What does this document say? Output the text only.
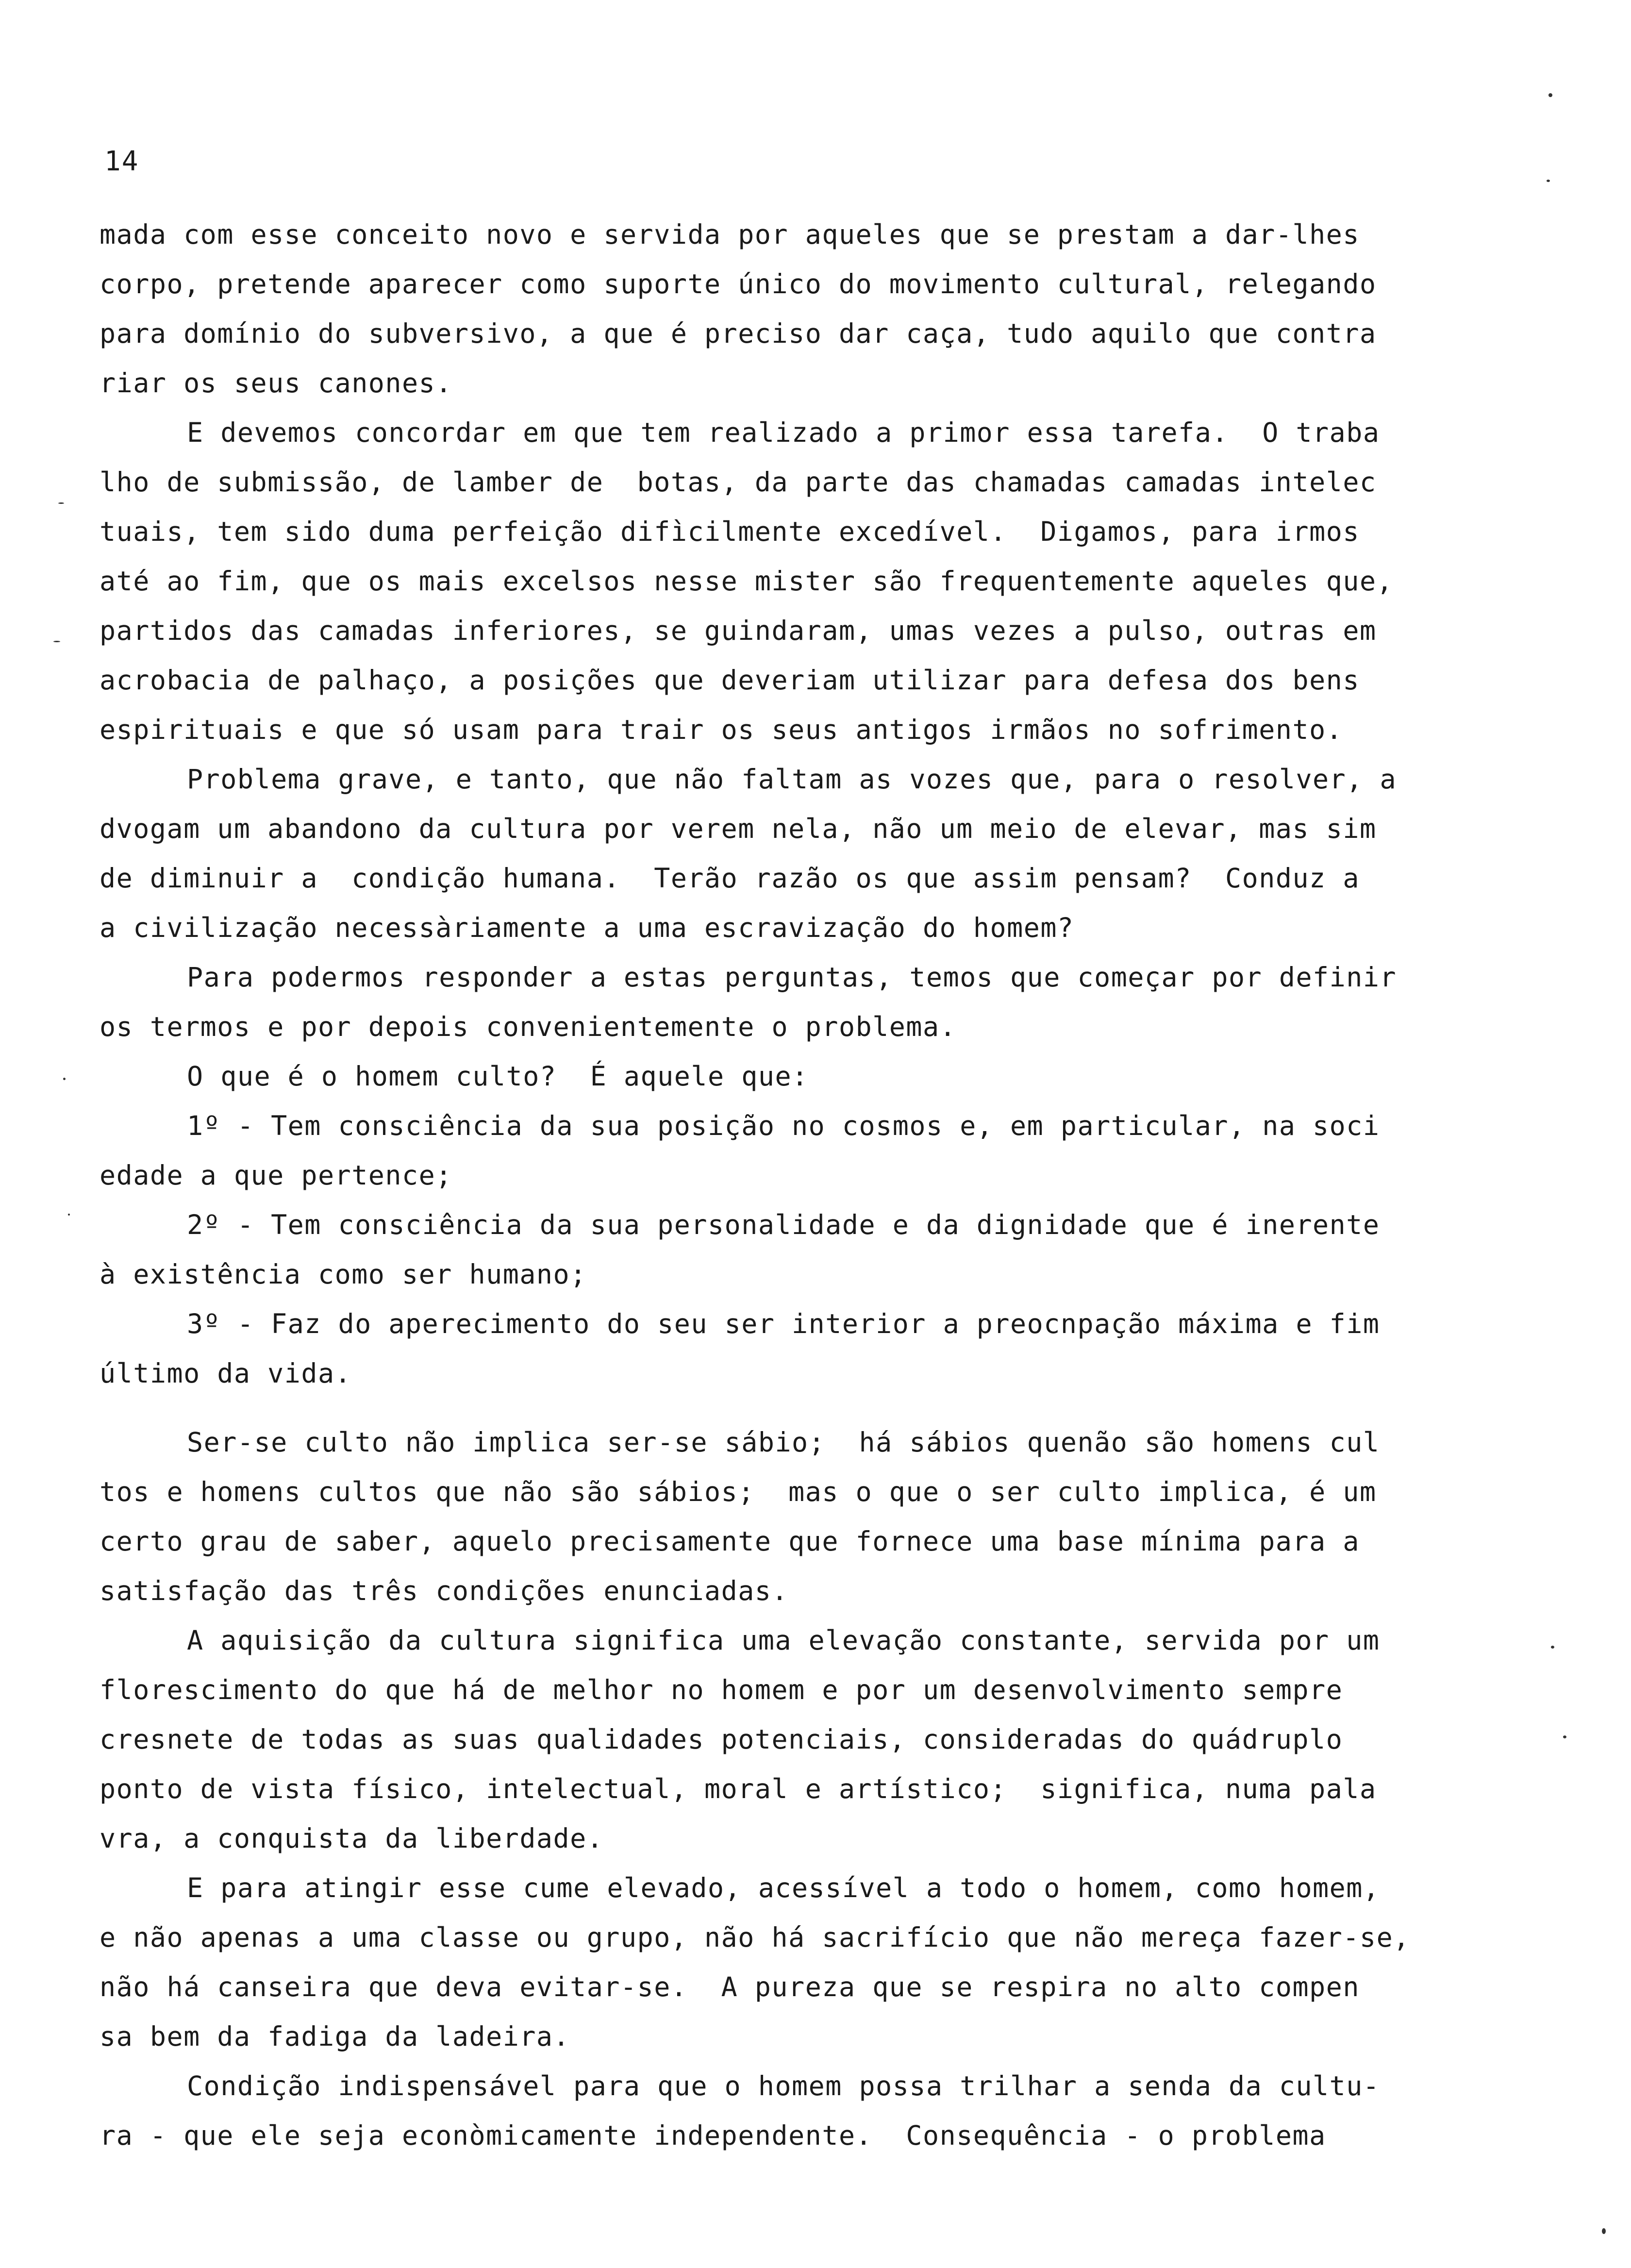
14
mada com esse conceito novo e servida por aqueles que se prestam a dar-lhes
corpo, pretende aparecer como suporte único do movimento cultural, relegando
para domínio do subversivo, a que é preciso dar caça, tudo aquilo que contra
riar os seus canones.
E devemos concordar em que tem realizado a primor essa tarefa.  O traba
lho de submissão, de lamber de  botas, da parte das chamadas camadas intelec
tuais, tem sido duma perfeição difìcilmente excedível.  Digamos, para irmos
até ao fim, que os mais excelsos nesse mister são frequentemente aqueles que,
partidos das camadas inferiores, se guindaram, umas vezes a pulso, outras em
acrobacia de palhaço, a posições que deveriam utilizar para defesa dos bens
espirituais e que só usam para trair os seus antigos irmãos no sofrimento.
Problema grave, e tanto, que não faltam as vozes que, para o resolver, a
dvogam um abandono da cultura por verem nela, não um meio de elevar, mas sim
de diminuir a  condição humana.  Terão razão os que assim pensam?  Conduz a
a civilização necessàriamente a uma escravização do homem?
Para podermos responder a estas perguntas, temos que começar por definir
os termos e por depois convenientemente o problema.
O que é o homem culto?  É aquele que:
1º - Tem consciência da sua posição no cosmos e, em particular, na soci
edade a que pertence;
2º - Tem consciência da sua personalidade e da dignidade que é inerente
à existência como ser humano;
3º - Faz do aperecimento do seu ser interior a preocnpação máxima e fim
último da vida.
Ser-se culto não implica ser-se sábio;  há sábios quenão são homens cul
tos e homens cultos que não são sábios;  mas o que o ser culto implica, é um
certo grau de saber, aquelo precisamente que fornece uma base mínima para a
satisfação das três condições enunciadas.
A aquisição da cultura significa uma elevação constante, servida por um
florescimento do que há de melhor no homem e por um desenvolvimento sempre
cresnete de todas as suas qualidades potenciais, consideradas do quádruplo
ponto de vista físico, intelectual, moral e artístico;  significa, numa pala
vra, a conquista da liberdade.
E para atingir esse cume elevado, acessível a todo o homem, como homem,
e não apenas a uma classe ou grupo, não há sacrifício que não mereça fazer-se,
não há canseira que deva evitar-se.  A pureza que se respira no alto compen
sa bem da fadiga da ladeira.
Condição indispensável para que o homem possa trilhar a senda da cultu-
ra - que ele seja econòmicamente independente.  Consequência - o problema
